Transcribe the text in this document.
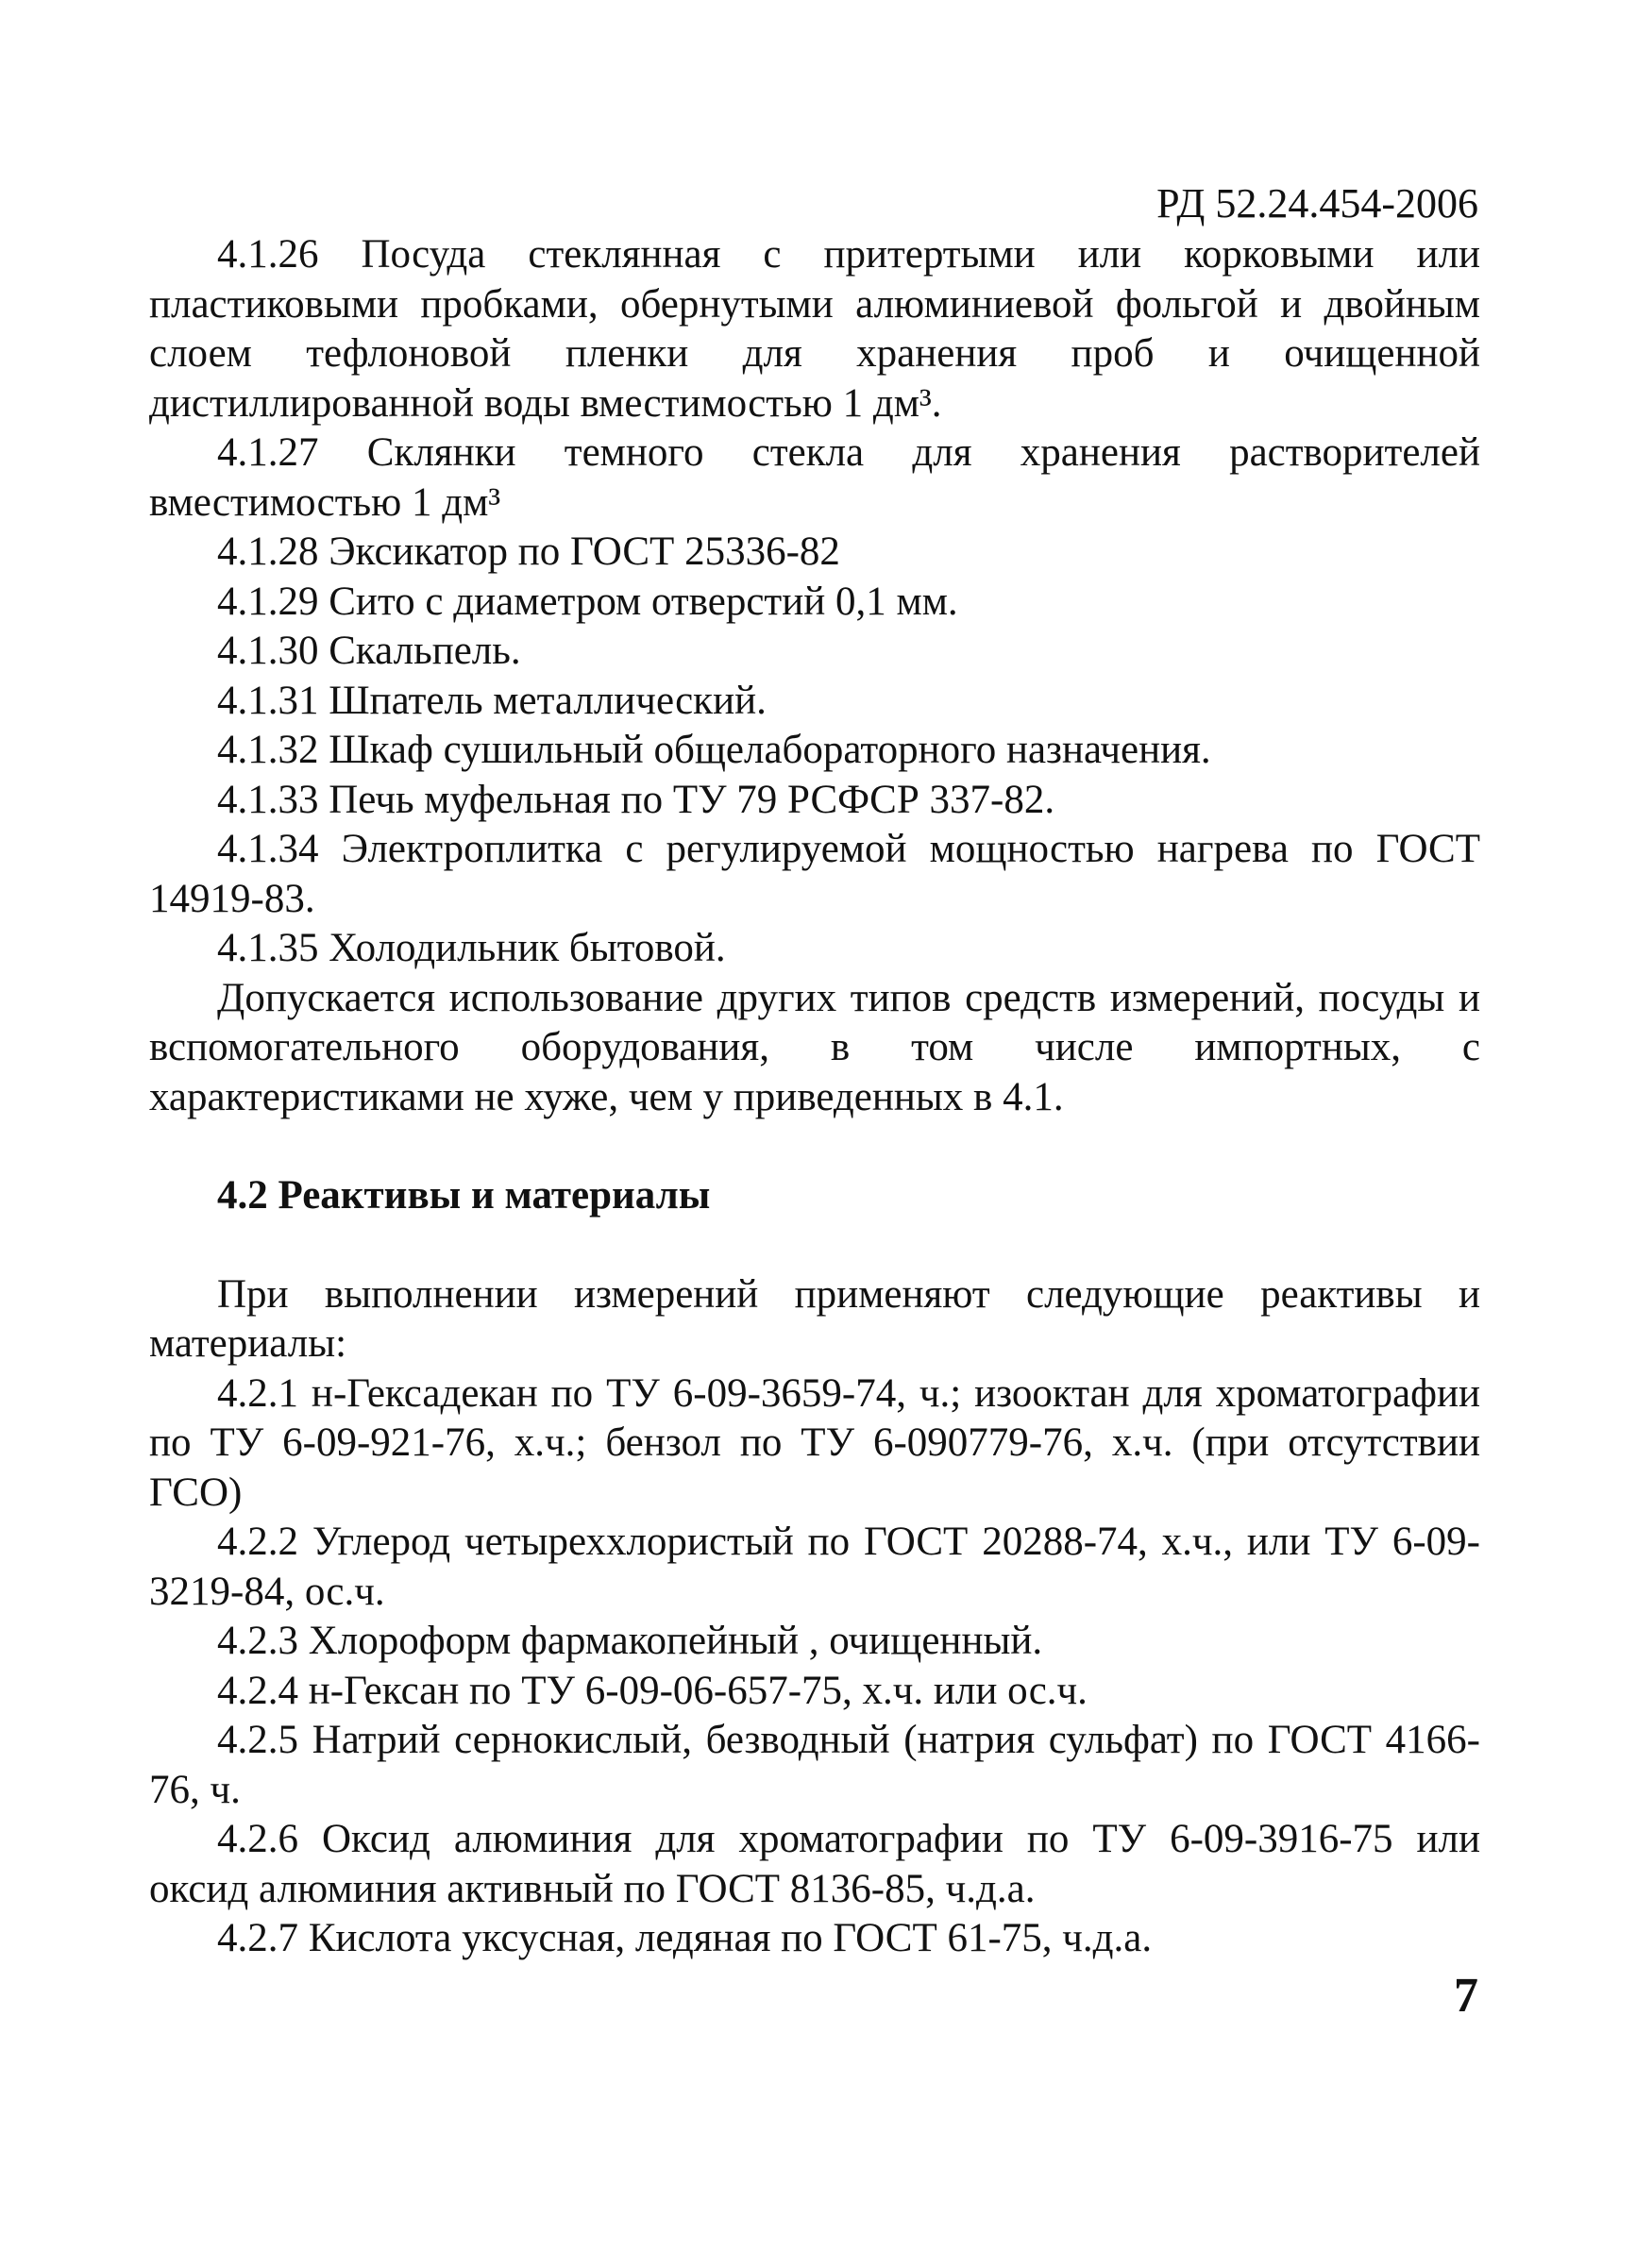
РД 52.24.454-2006

4.1.26 Посуда стеклянная с притертыми или корковыми или пластиковыми пробками, обернутыми алюминиевой фольгой и двойным слоем тефлоновой пленки для хранения проб и очищенной дистиллированной воды вместимостью 1 дм³.

4.1.27 Склянки темного стекла для хранения растворителей вместимостью 1 дм³

4.1.28 Эксикатор по ГОСТ 25336-82

4.1.29 Сито с диаметром отверстий 0,1 мм.

4.1.30 Скальпель.

4.1.31 Шпатель металлический.

4.1.32 Шкаф сушильный общелабораторного назначения.

4.1.33 Печь муфельная по ТУ 79 РСФСР 337-82.

4.1.34 Электроплитка с регулируемой мощностью нагрева по ГОСТ 14919-83.

4.1.35 Холодильник бытовой.

Допускается использование других типов средств измерений, посуды и вспомогательного оборудования, в том числе импортных, с характеристиками не хуже, чем у приведенных в 4.1.

4.2 Реактивы и материалы

При выполнении измерений применяют следующие реактивы и материалы:

4.2.1 н-Гексадекан по ТУ 6-09-3659-74, ч.; изооктан для хроматографии по ТУ 6-09-921-76, х.ч.; бензол по ТУ 6-090779-76, х.ч. (при отсутствии ГСО)

4.2.2 Углерод четыреххлористый по ГОСТ 20288-74, х.ч., или ТУ 6-09-3219-84, ос.ч.

4.2.3 Хлороформ фармакопейный , очищенный.

4.2.4 н-Гексан по ТУ 6-09-06-657-75, х.ч. или ос.ч.

4.2.5 Натрий сернокислый, безводный (натрия сульфат) по ГОСТ 4166-76, ч.

4.2.6 Оксид алюминия для хроматографии по ТУ 6-09-3916-75 или оксид алюминия активный по ГОСТ 8136-85, ч.д.а.

4.2.7 Кислота уксусная, ледяная по ГОСТ 61-75, ч.д.а.

7
